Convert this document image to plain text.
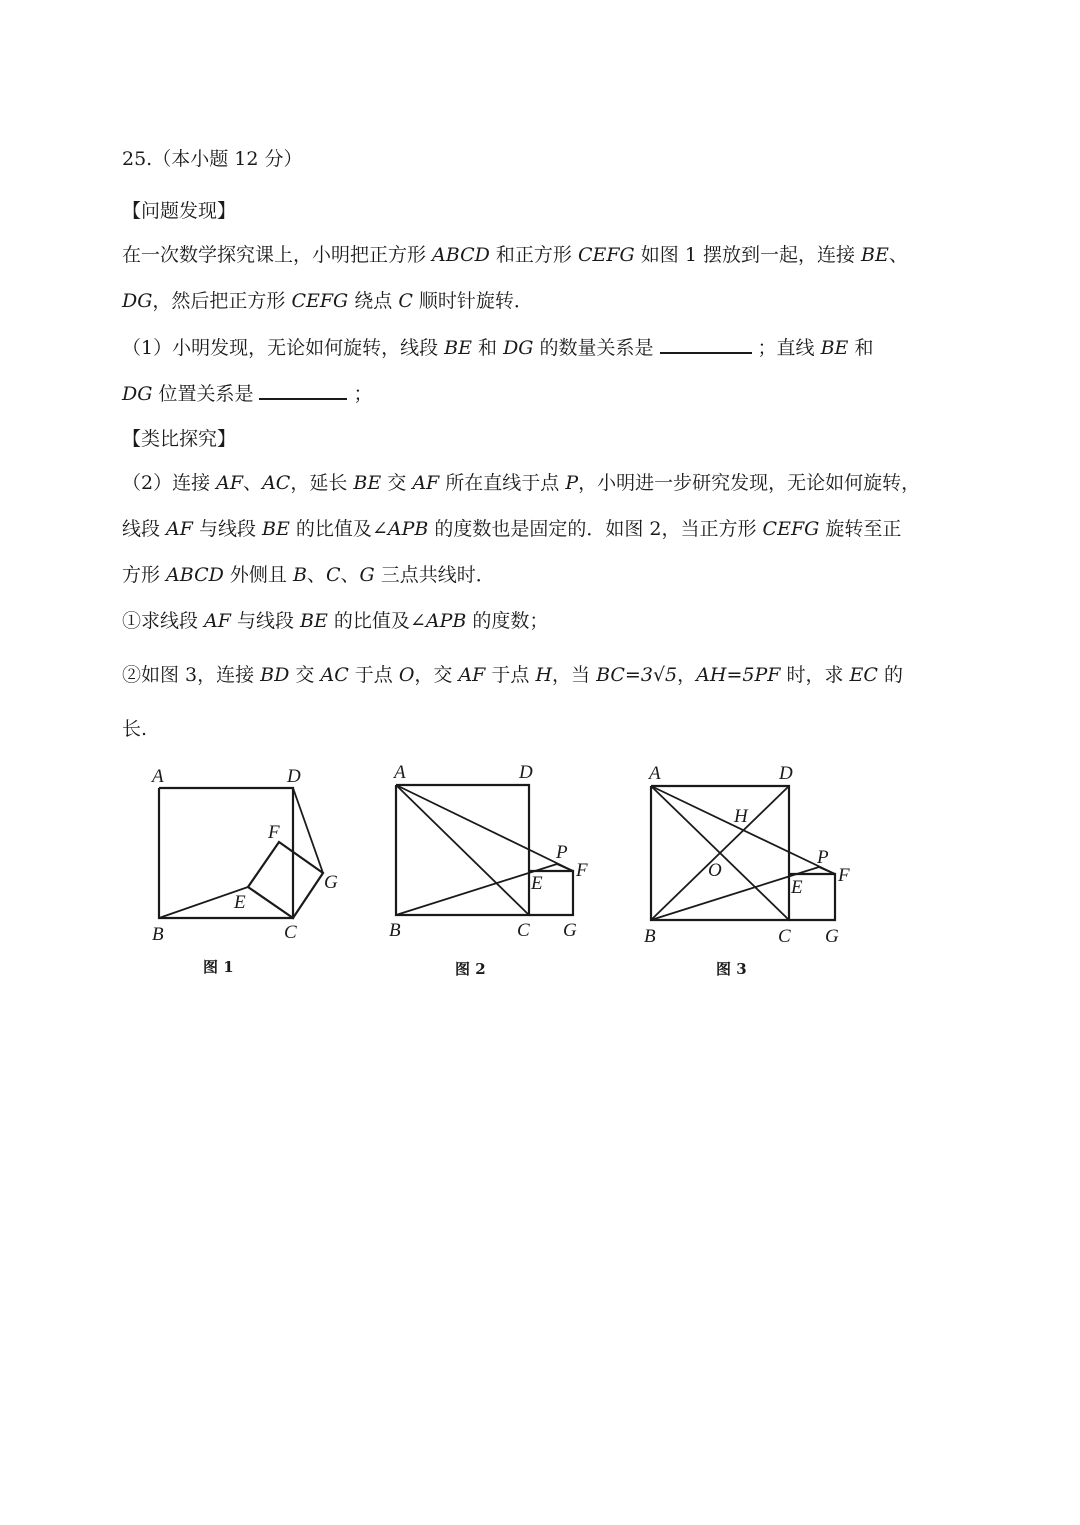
25.（本小题 12 分）
【问题发现】
在一次数学探究课上，小明把正方形 ABCD 和正方形 CEFG 如图 1 摆放到一起，连接 BE、
DG，然后把正方形 CEFG 绕点 C 顺时针旋转．
（1）小明发现，无论如何旋转，线段 BE 和 DG 的数量关系是	；直线 BE 和
DG 位置关系是	；
【类比探究】
（2）连接 AF、AC，延长 BE 交 AF 所在直线于点 P，小明进一步研究发现，无论如何旋转，
线段 AF 与线段 BE 的比值及∠APB 的度数也是固定的．如图 2，当正方形 CEFG 旋转至正
方形 ABCD 外侧且 B、C、G 三点共线时．
①求线段 AF 与线段 BE 的比值及∠APB 的度数；
②如图 3，连接 BD 交 AC 于点 O，交 AF 于点 H，当 BC=3√5，AH=5PF 时，求 EC 的
长.
A	D
B	C
E
F
G
图 1
A	D
B	C G
E
P
F
图 2
A	D
B	C G
H
O
E
P
F
图 3
